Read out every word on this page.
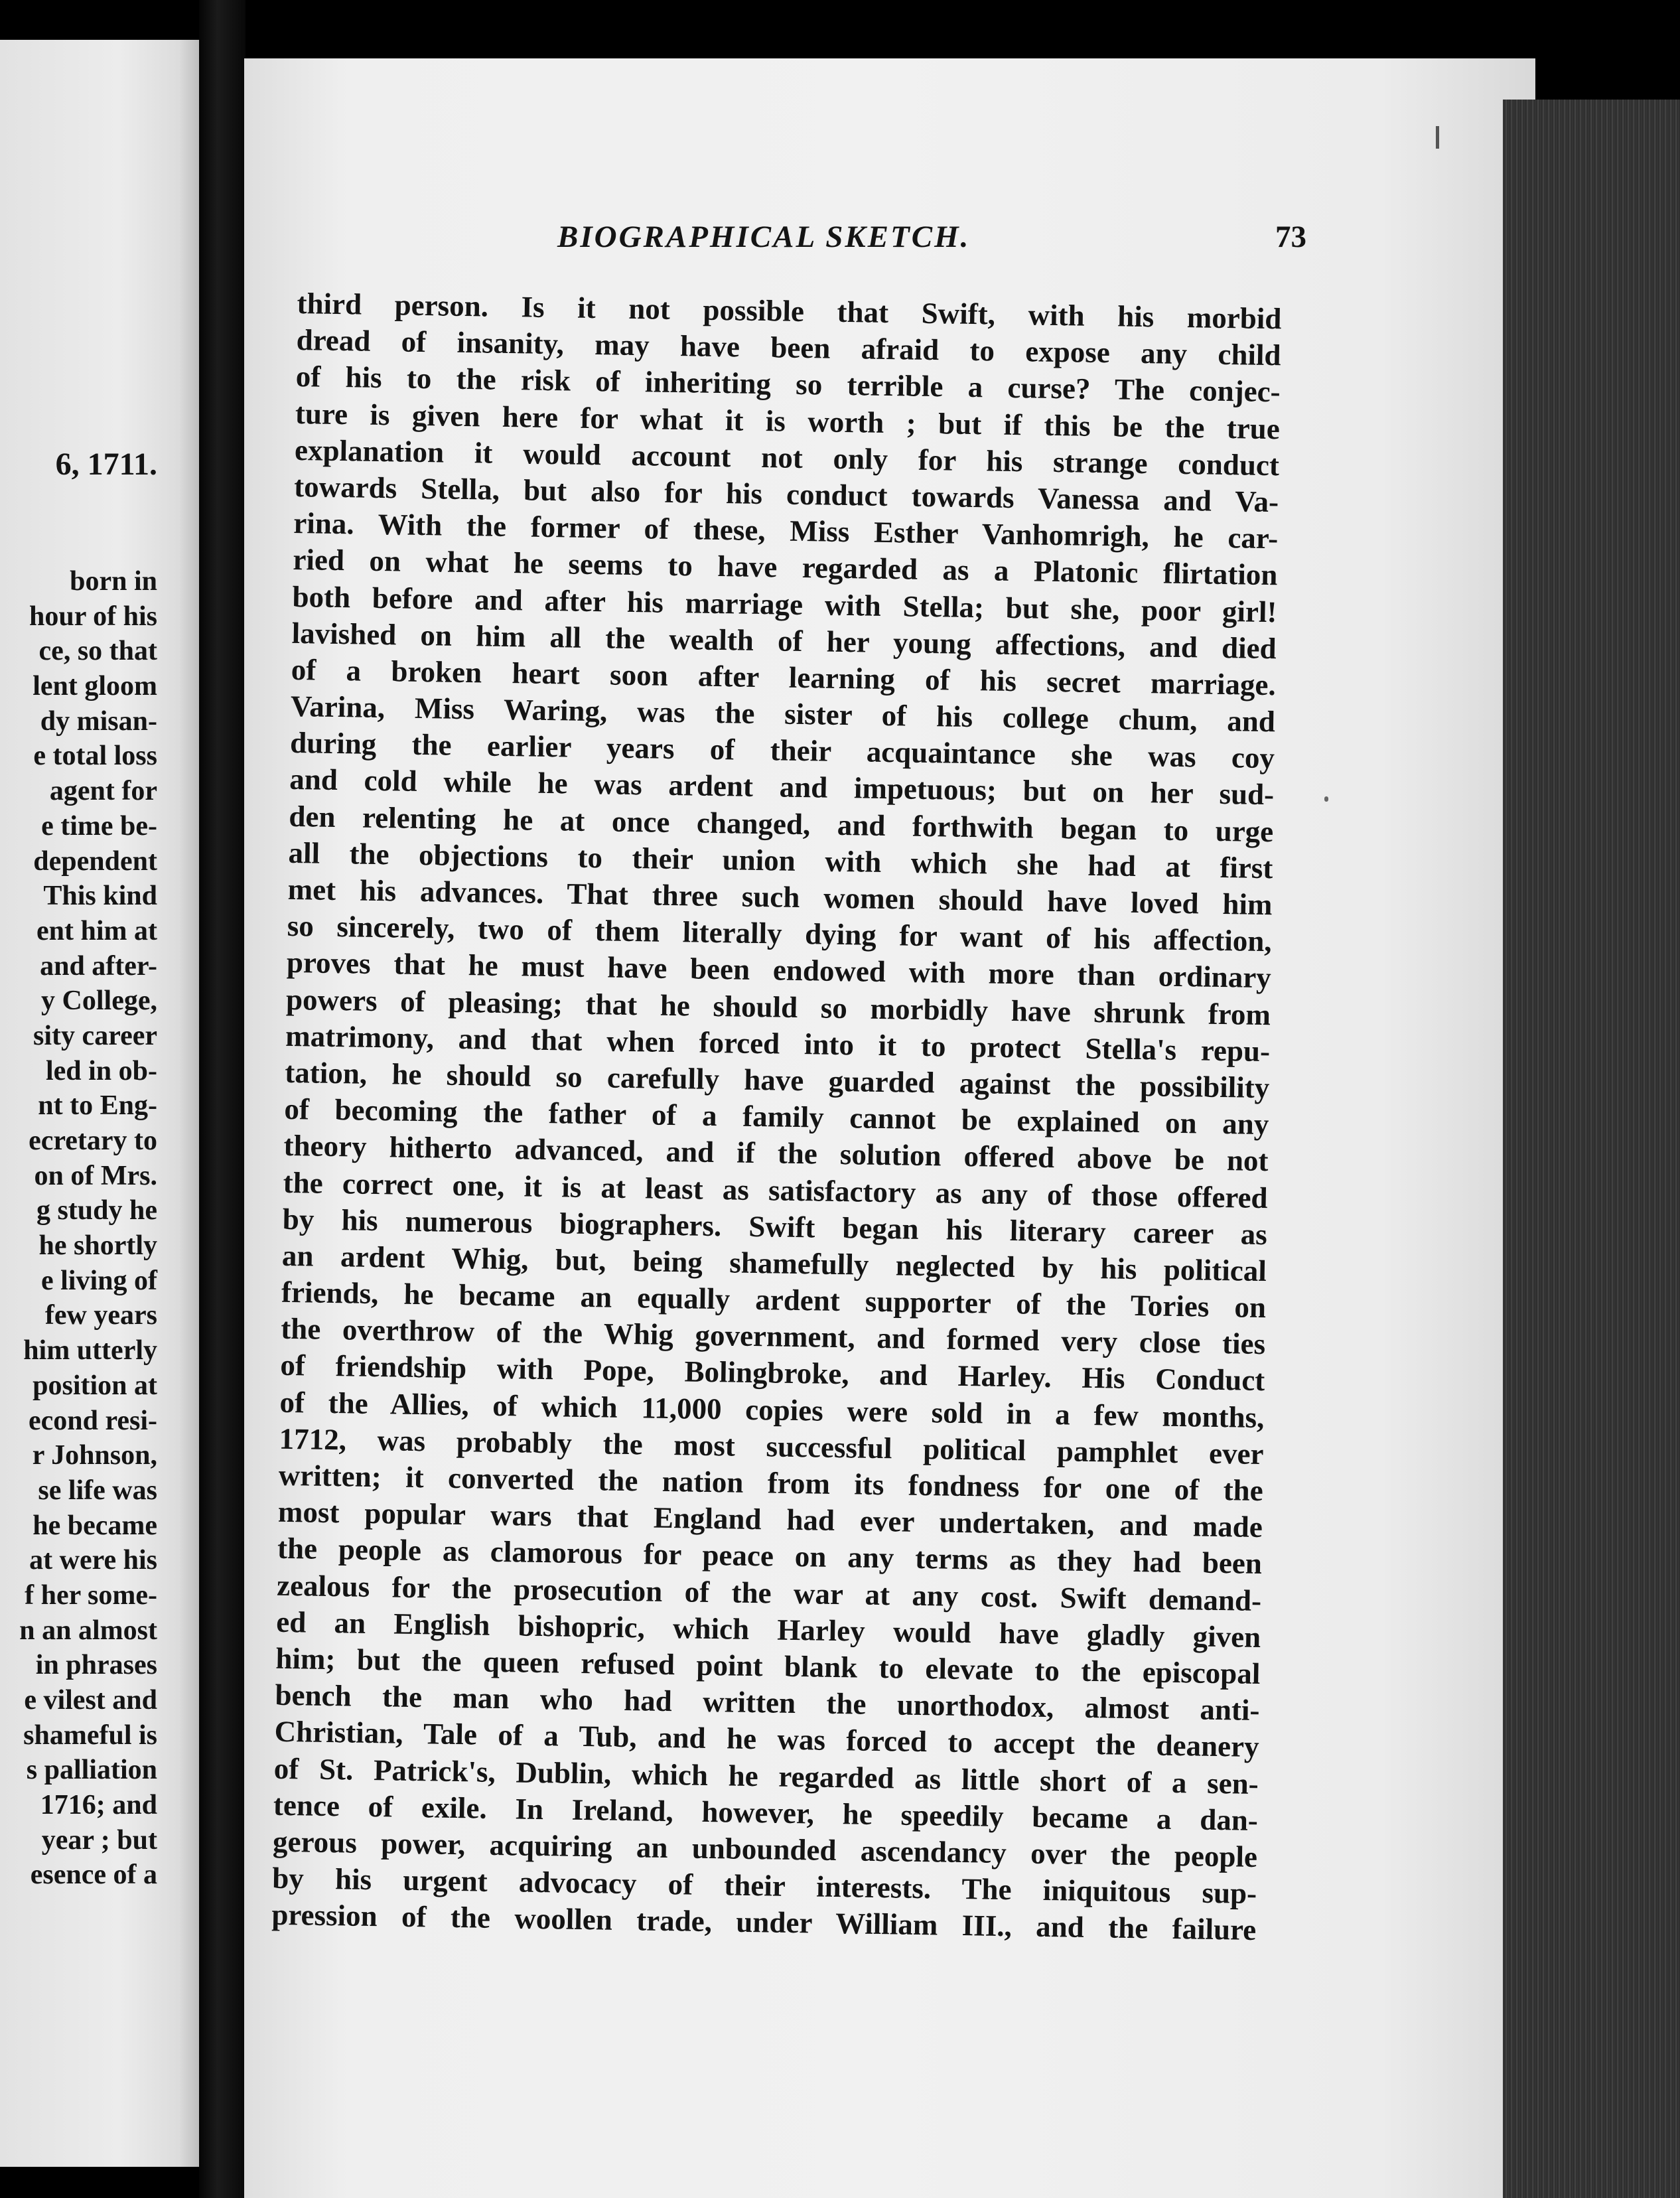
6, 1711.
born in
hour of his
ce, so that
lent gloom
dy misan-
e total loss
agent for
e time be-
dependent
This kind
ent him at
and after-
y College,
sity career
led in ob-
nt to Eng-
ecretary to
on of Mrs.
g study he
he shortly
e living of
few years
him utterly
position at
econd resi-
r Johnson,
se life was
he became
at were his
f her some-
n an almost
in phrases
e vilest and
shameful is
s palliation
1716; and
year ; but
esence of a
BIOGRAPHICAL SKETCH.	73
third person. Is it not possible that Swift, with his morbid
dread of insanity, may have been afraid to expose any child
of his to the risk of inheriting so terrible a curse? The conjec-
ture is given here for what it is worth ; but if this be the true
explanation it would account not only for his strange conduct
towards Stella, but also for his conduct towards Vanessa and Va-
rina. With the former of these, Miss Esther Vanhomrigh, he car-
ried on what he seems to have regarded as a Platonic flirtation
both before and after his marriage with Stella; but she, poor girl!
lavished on him all the wealth of her young affections, and died
of a broken heart soon after learning of his secret marriage.
Varina, Miss Waring, was the sister of his college chum, and
during the earlier years of their acquaintance she was coy
and cold while he was ardent and impetuous; but on her sud-
den relenting he at once changed, and forthwith began to urge
all the objections to their union with which she had at first
met his advances. That three such women should have loved him
so sincerely, two of them literally dying for want of his affection,
proves that he must have been endowed with more than ordinary
powers of pleasing; that he should so morbidly have shrunk from
matrimony, and that when forced into it to protect Stella's repu-
tation, he should so carefully have guarded against the possibility
of becoming the father of a family cannot be explained on any
theory hitherto advanced, and if the solution offered above be not
the correct one, it is at least as satisfactory as any of those offered
by his numerous biographers. Swift began his literary career as
an ardent Whig, but, being shamefully neglected by his political
friends, he became an equally ardent supporter of the Tories on
the overthrow of the Whig government, and formed very close ties
of friendship with Pope, Bolingbroke, and Harley. His Conduct
of the Allies, of which 11,000 copies were sold in a few months,
1712, was probably the most successful political pamphlet ever
written; it converted the nation from its fondness for one of the
most popular wars that England had ever undertaken, and made
the people as clamorous for peace on any terms as they had been
zealous for the prosecution of the war at any cost. Swift demand-
ed an English bishopric, which Harley would have gladly given
him; but the queen refused point blank to elevate to the episcopal
bench the man who had written the unorthodox, almost anti-
Christian, Tale of a Tub, and he was forced to accept the deanery
of St. Patrick's, Dublin, which he regarded as little short of a sen-
tence of exile. In Ireland, however, he speedily became a dan-
gerous power, acquiring an unbounded ascendancy over the people
by his urgent advocacy of their interests. The iniquitous sup-
pression of the woollen trade, under William III., and the failure
